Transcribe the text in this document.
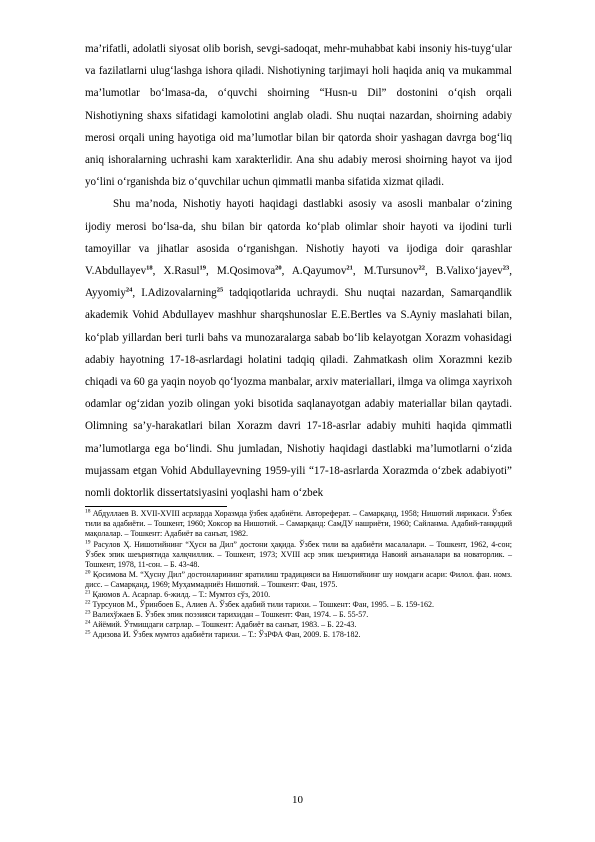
ma’rifatli, adolatli siyosat olib borish, sevgi-sadoqat, mehr-muhabbat kabi insoniy his-tuyg‘ular va fazilatlarni ulug‘lashga ishora qiladi. Nishotiyning tarjimayi holi haqida aniq va mukammal ma’lumotlar bo‘lmasa-da, o‘quvchi shoirning “Husn-u Dil” dostonini o‘qish orqali Nishotiyning shaxs sifatidagi kamolotini anglab oladi. Shu nuqtai nazardan, shoirning adabiy merosi orqali uning hayotiga oid ma’lumotlar bilan bir qatorda shoir yashagan davrga bog‘liq aniq ishoralarning uchrashi kam xarakterlidir. Ana shu adabiy merosi shoirning hayot va ijod yo‘lini o‘rganishda biz o‘quvchilar uchun qimmatli manba sifatida xizmat qiladi.

Shu ma’noda, Nishotiy hayoti haqidagi dastlabki asosiy va asosli manbalar o‘zining ijodiy merosi bo‘lsa-da, shu bilan bir qatorda ko‘plab olimlar shoir hayoti va ijodini turli tamoyillar va jihatlar asosida o‘rganishgan. Nishotiy hayoti va ijodiga doir qarashlar V.Abdullayev$^{18}$, X.Rasul$^{19}$, M.Qosimova$^{20}$, A.Qayumov$^{21}$, M.Tursunov$^{22}$, B.Valixo‘jayev$^{23}$, Ayyomiy$^{24}$, I.Adizovalarning$^{25}$ tadqiqotlarida uchraydi. Shu nuqtai nazardan, Samarqandlik akademik Vohid Abdullayev mashhur sharqshunoslar E.E.Bertles va S.Ayniy maslahati bilan, ko‘plab yillardan beri turli bahs va munozaralarga sabab bo‘lib kelayotgan Xorazm vohasidagi adabiy hayotning 17-18-asrlardagi holatini tadqiq qiladi. Zahmatkash olim Xorazmni kezib chiqadi va 60 ga yaqin noyob qo‘lyozma manbalar, arxiv materiallari, ilmga va olimga xayrixoh odamlar og‘zidan yozib olingan yoki bisotida saqlanayotgan adabiy materiallar bilan qaytadi. Olimning sa’y-harakatlari bilan Xorazm davri 17-18-asrlar adabiy muhiti haqida qimmatli ma’lumotlarga ega bo‘lindi. Shu jumladan, Nishotiy haqidagi dastlabki ma’lumotlarni o‘zida mujassam etgan Vohid Abdullayevning 1959-yili “17-18-asrlarda Xorazmda o‘zbek adabiyoti” nomli doktorlik dissertatsiyasini yoqlashi ham o‘zbek

$^{18}$ Абдуллаев В. XVII-XVIII асрларда Хоразмда ўзбек адабиёти. Автореферат. – Самарқанд, 1958; Нишотий лирикаси. Ўзбек тили ва адабиёти. – Тошкент, 1960; Хоксор ва Нишотий. – Самарқанд: СамДУ нашриёти, 1960; Сайланма. Адабий-танқидий мақолалар. – Тошкент: Адабиёт ва санъат, 1982.

$^{19}$ Расулов Ҳ. Нишотийнинг “Ҳусн ва Дил” достони ҳақида. Ўзбек тили ва адабиёти масалалари. – Тошкент, 1962, 4-сон; Ўзбек эпик шеъриятида халқчиллик. – Тошкент, 1973; XVIII аср эпик шеъриятида Навоий анъаналари ва новаторлик. – Тошкент, 1978, 11-сон. – Б. 43-48.

$^{20}$ Қосимова М. “Ҳусну Дил” достонларининг яратилиш традицияси ва Нишотийнинг шу номдаги асари: Филол. фан. номз. дисс. – Самарқанд, 1969; Муҳаммадниёз Нишотий. – Тошкент: Фан, 1975.

$^{21}$ Қаюмов А. Асарлар. 6-жилд. – Т.: Мумтоз сўз, 2010.

$^{22}$ Турсунов М., Ўринбоев Б., Алиев А. Ўзбек адабий тили тарихи. – Тошкент: Фан, 1995. – Б. 159-162.

$^{23}$ Валихўжаев Б. Ўзбек эпик поэзияси тарихидан – Тошкент: Фан, 1974. – Б. 55-57.

$^{24}$ Айёмий. Ўтмишдаги сатрлар. – Тошкент: Адабиёт ва санъат, 1983. – Б. 22-43.

$^{25}$ Адизова И. Ўзбек мумтоз адабиёти тарихи. – Т.: ЎзРФА Фан, 2009. Б. 178-182.

10
